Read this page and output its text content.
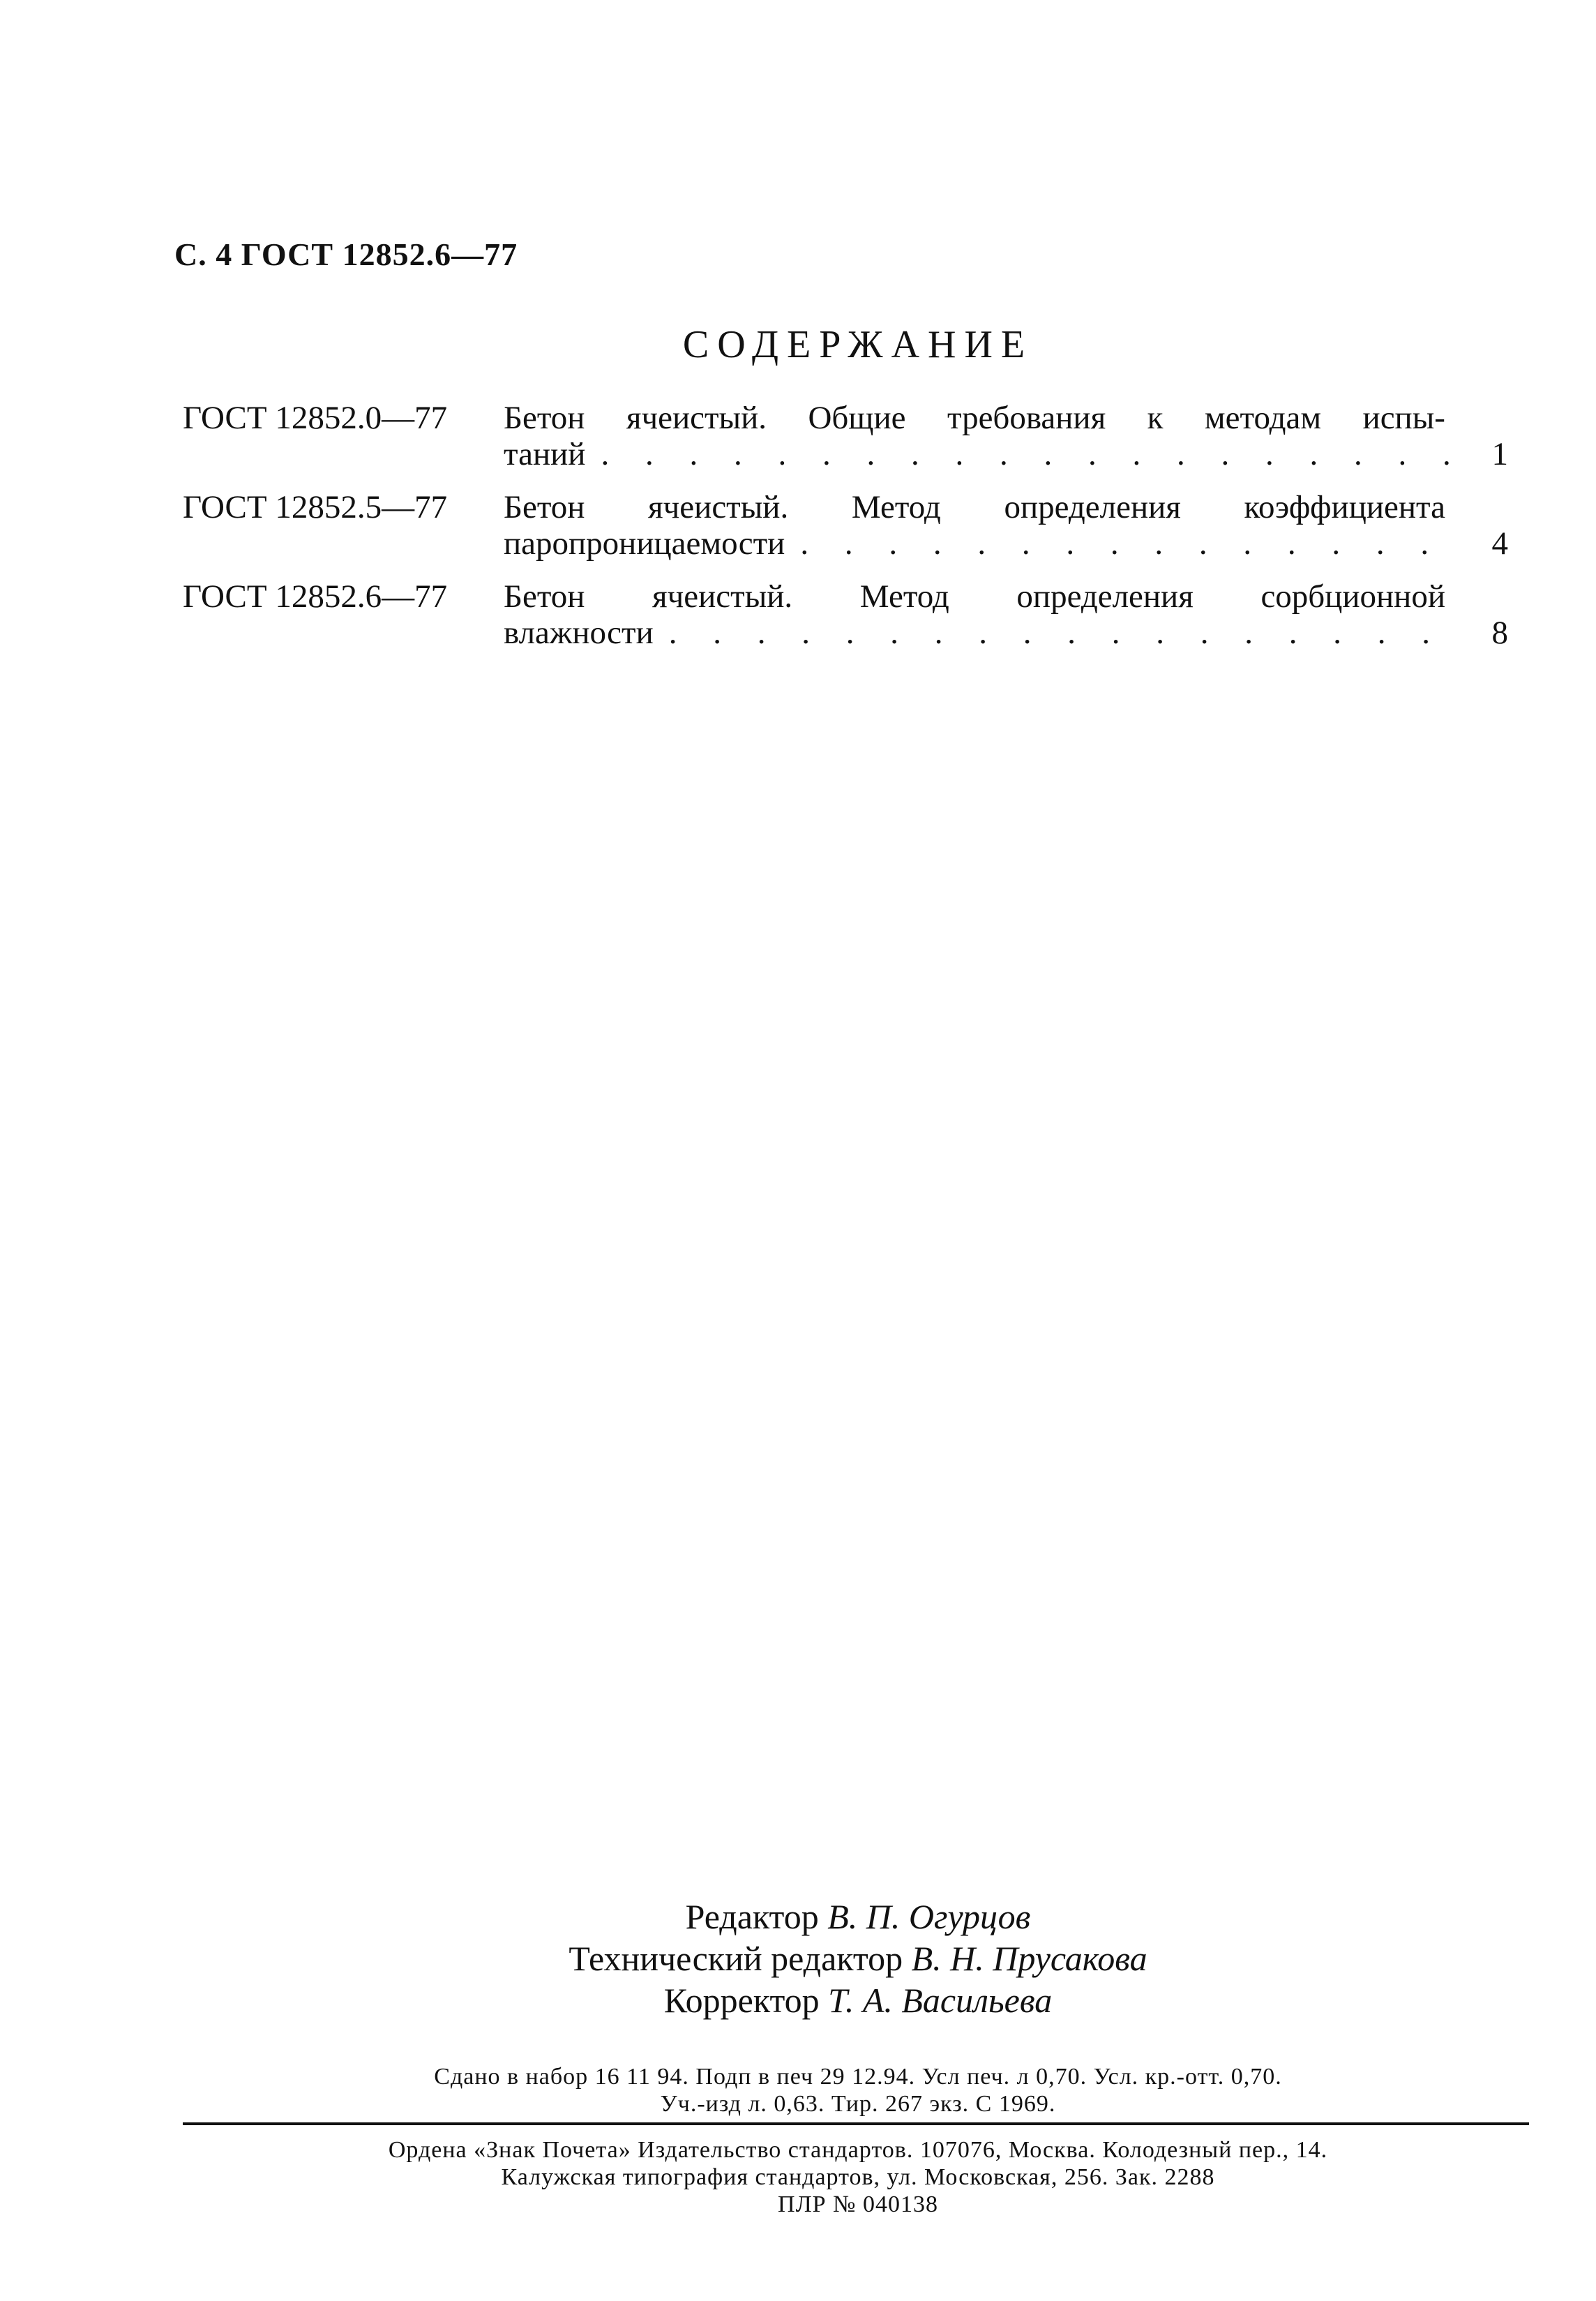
С. 4 ГОСТ 12852.6—77
СОДЕРЖАНИЕ
ГОСТ 12852.0—77 Бетон ячеистый. Общие требования к методам испы-
таний . . .	1
ГОСТ 12852.5—77 Бетон ячеистый. Метод определения коэффициента
паропроницаемости . . .	4
ГОСТ 12852.6—77 Бетон ячеистый. Метод определения сорбционной
влажности . . .	8
Редактор В. П. Огурцов
Технический редактор В. Н. Прусакова
Корректор Т. А. Васильева
Сдано в набор 16 11 94. Подп в печ 29 12.94. Усл печ. л 0,70. Усл. кр.-отт. 0,70.
Уч.-изд л. 0,63. Тир. 267 экз. С 1969.
Ордена «Знак Почета» Издательство стандартов. 107076, Москва. Колодезный пер., 14.
Калужская типография стандартов, ул. Московская, 256. Зак. 2288
ПЛР № 040138
